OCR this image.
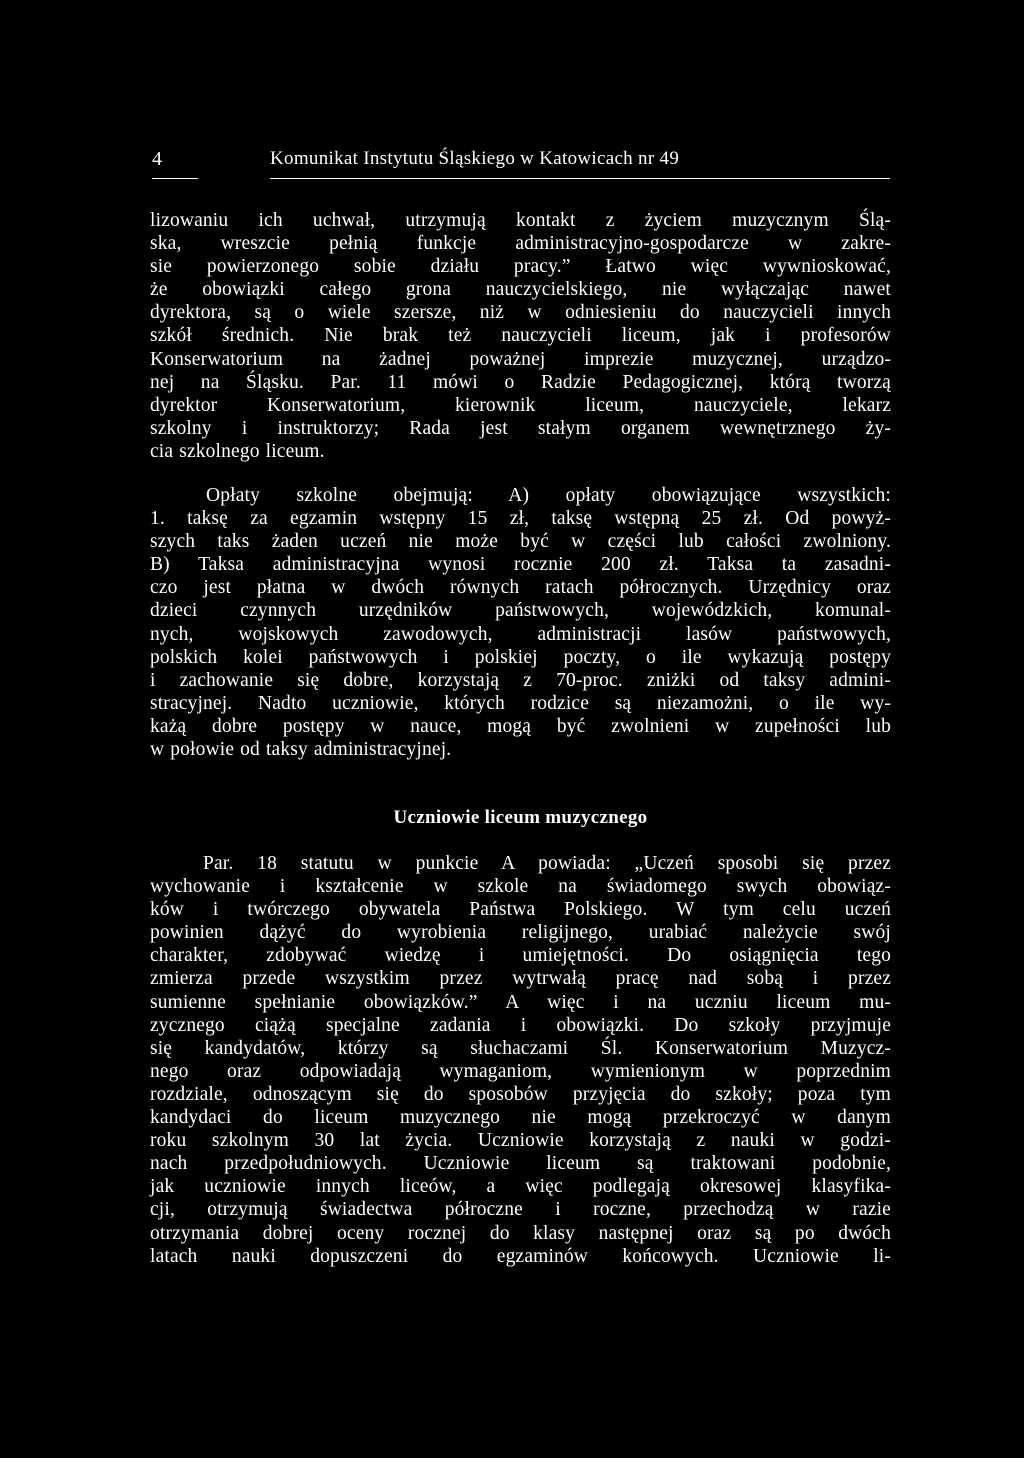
4	Komunikat Instytutu Śląskiego w Katowicach nr 49
lizowaniu ich uchwał, utrzymują kontakt z życiem muzycznym Ślą-
ska, wreszcie pełnią funkcje administracyjno-gospodarcze w zakre-
sie powierzonego sobie działu pracy.” Łatwo więc wywnioskować,
że obowiązki całego grona nauczycielskiego, nie wyłączając nawet
dyrektora, są o wiele szersze, niż w odniesieniu do nauczycieli innych
szkół średnich. Nie brak też nauczycieli liceum, jak i profesorów
Konserwatorium na żadnej poważnej imprezie muzycznej, urządzo-
nej na Śląsku. Par. 11 mówi o Radzie Pedagogicznej, którą tworzą
dyrektor Konserwatorium, kierownik liceum, nauczyciele, lekarz
szkolny i instruktorzy; Rada jest stałym organem wewnętrznego ży-
cia szkolnego liceum.
Opłaty szkolne obejmują: A) opłaty obowiązujące wszystkich:
1. taksę za egzamin wstępny 15 zł, taksę wstępną 25 zł. Od powyż-
szych taks żaden uczeń nie może być w części lub całości zwolniony.
B) Taksa administracyjna wynosi rocznie 200 zł. Taksa ta zasadni-
czo jest płatna w dwóch równych ratach półrocznych. Urzędnicy oraz
dzieci czynnych urzędników państwowych, wojewódzkich, komunal-
nych, wojskowych zawodowych, administracji lasów państwowych,
polskich kolei państwowych i polskiej poczty, o ile wykazują postępy
i zachowanie się dobre, korzystają z 70-proc. zniżki od taksy admini-
stracyjnej. Nadto uczniowie, których rodzice są niezamożni, o ile wy-
każą dobre postępy w nauce, mogą być zwolnieni w zupełności lub
w połowie od taksy administracyjnej.
Uczniowie liceum muzycznego
Par. 18 statutu w punkcie A powiada: „Uczeń sposobi się przez
wychowanie i kształcenie w szkole na świadomego swych obowiąz-
ków i twórczego obywatela Państwa Polskiego. W tym celu uczeń
powinien dążyć do wyrobienia religijnego, urabiać należycie swój
charakter, zdobywać wiedzę i umiejętności. Do osiągnięcia tego
zmierza przede wszystkim przez wytrwałą pracę nad sobą i przez
sumienne spełnianie obowiązków.” A więc i na uczniu liceum mu-
zycznego ciążą specjalne zadania i obowiązki. Do szkoły przyjmuje
się kandydatów, którzy są słuchaczami Śl. Konserwatorium Muzycz-
nego oraz odpowiadają wymaganiom, wymienionym w poprzednim
rozdziale, odnoszącym się do sposobów przyjęcia do szkoły; poza tym
kandydaci do liceum muzycznego nie mogą przekroczyć w danym
roku szkolnym 30 lat życia. Uczniowie korzystają z nauki w godzi-
nach przedpołudniowych. Uczniowie liceum są traktowani podobnie,
jak uczniowie innych liceów, a więc podlegają okresowej klasyfika-
cji, otrzymują świadectwa półroczne i roczne, przechodzą w razie
otrzymania dobrej oceny rocznej do klasy następnej oraz są po dwóch
latach nauki dopuszczeni do egzaminów końcowych. Uczniowie li-
